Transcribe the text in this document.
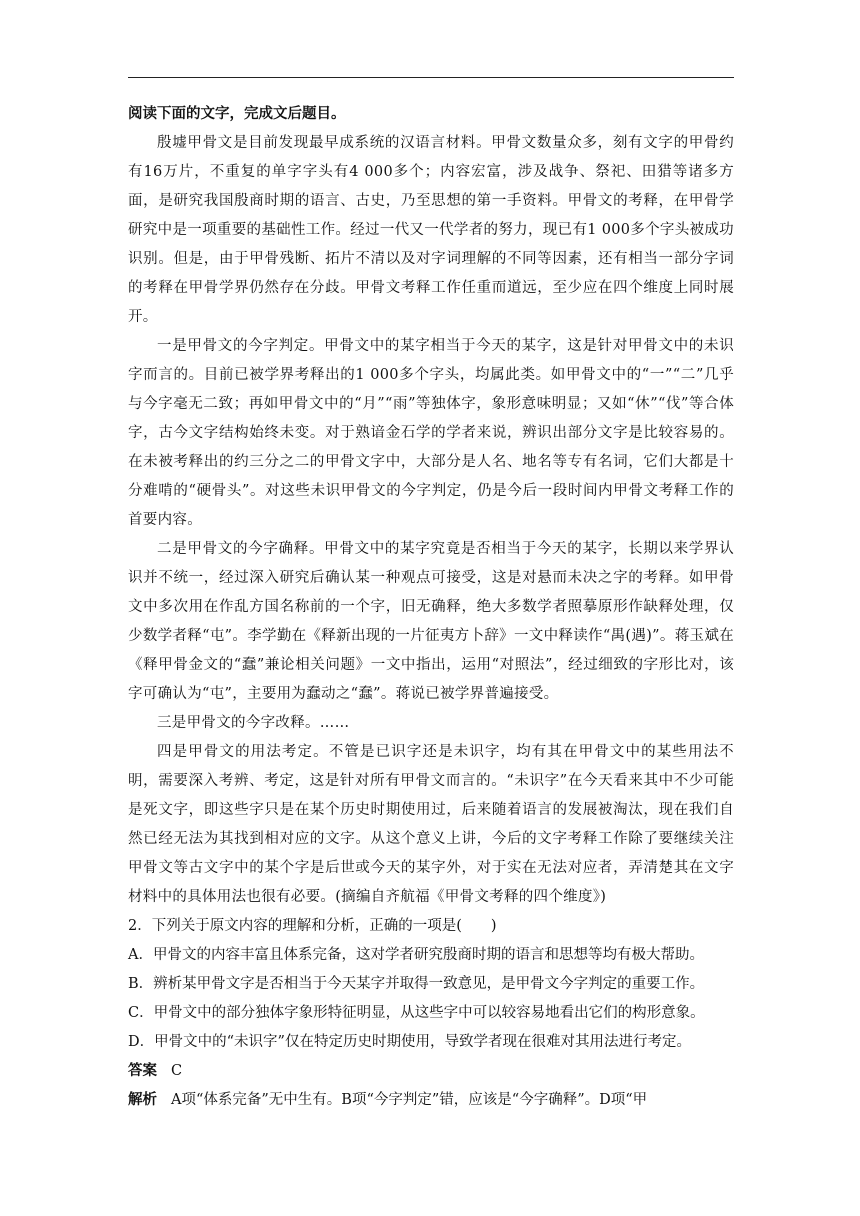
阅读下面的文字，完成文后题目。

殷墟甲骨文是目前发现最早成系统的汉语言材料。甲骨文数量众多，刻有文字的甲骨约有16万片，不重复的单字字头有4 000多个；内容宏富，涉及战争、祭祀、田猎等诸多方面，是研究我国殷商时期的语言、古史，乃至思想的第一手资料。甲骨文的考释，在甲骨学研究中是一项重要的基础性工作。经过一代又一代学者的努力，现已有1 000多个字头被成功识别。但是，由于甲骨残断、拓片不清以及对字词理解的不同等因素，还有相当一部分字词的考释在甲骨学界仍然存在分歧。甲骨文考释工作任重而道远，至少应在四个维度上同时展开。

一是甲骨文的今字判定。甲骨文中的某字相当于今天的某字，这是针对甲骨文中的未识字而言的。目前已被学界考释出的1 000多个字头，均属此类。如甲骨文中的“一”“二”几乎与今字毫无二致；再如甲骨文中的“月”“雨”等独体字，象形意味明显；又如“休”“伐”等合体字，古今文字结构始终未变。对于熟谙金石学的学者来说，辨识出部分文字是比较容易的。在未被考释出的约三分之二的甲骨文字中，大部分是人名、地名等专有名词，它们大都是十分难啃的“硬骨头”。对这些未识甲骨文的今字判定，仍是今后一段时间内甲骨文考释工作的首要内容。

二是甲骨文的今字确释。甲骨文中的某字究竟是否相当于今天的某字，长期以来学界认识并不统一，经过深入研究后确认某一种观点可接受，这是对悬而未决之字的考释。如甲骨文中多次用在作乱方国名称前的一个字，旧无确释，绝大多数学者照摹原形作缺释处理，仅少数学者释“屯”。李学勤在《释新出现的一片征夷方卜辞》一文中释读作“禺(遇)”。蒋玉斌在《释甲骨金文的“蠢”兼论相关问题》一文中指出，运用“对照法”，经过细致的字形比对，该字可确认为“屯”，主要用为蠢动之“蠢”。蒋说已被学界普遍接受。

三是甲骨文的今字改释。……

四是甲骨文的用法考定。不管是已识字还是未识字，均有其在甲骨文中的某些用法不明，需要深入考辨、考定，这是针对所有甲骨文而言的。“未识字”在今天看来其中不少可能是死文字，即这些字只是在某个历史时期使用过，后来随着语言的发展被淘汰，现在我们自然已经无法为其找到相对应的文字。从这个意义上讲，今后的文字考释工作除了要继续关注甲骨文等古文字中的某个字是后世或今天的某字外，对于实在无法对应者，弄清楚其在文字材料中的具体用法也很有必要。(摘编自齐航福《甲骨文考释的四个维度》)

2．下列关于原文内容的理解和分析，正确的一项是(　　)

A．甲骨文的内容丰富且体系完备，这对学者研究殷商时期的语言和思想等均有极大帮助。

B．辨析某甲骨文字是否相当于今天某字并取得一致意见，是甲骨文今字判定的重要工作。

C．甲骨文中的部分独体字象形特征明显，从这些字中可以较容易地看出它们的构形意象。

D．甲骨文中的“未识字”仅在特定历史时期使用，导致学者现在很难对其用法进行考定。

答案 C

解析 A项“体系完备”无中生有。B项“今字判定”错，应该是“今字确释”。D项“甲
